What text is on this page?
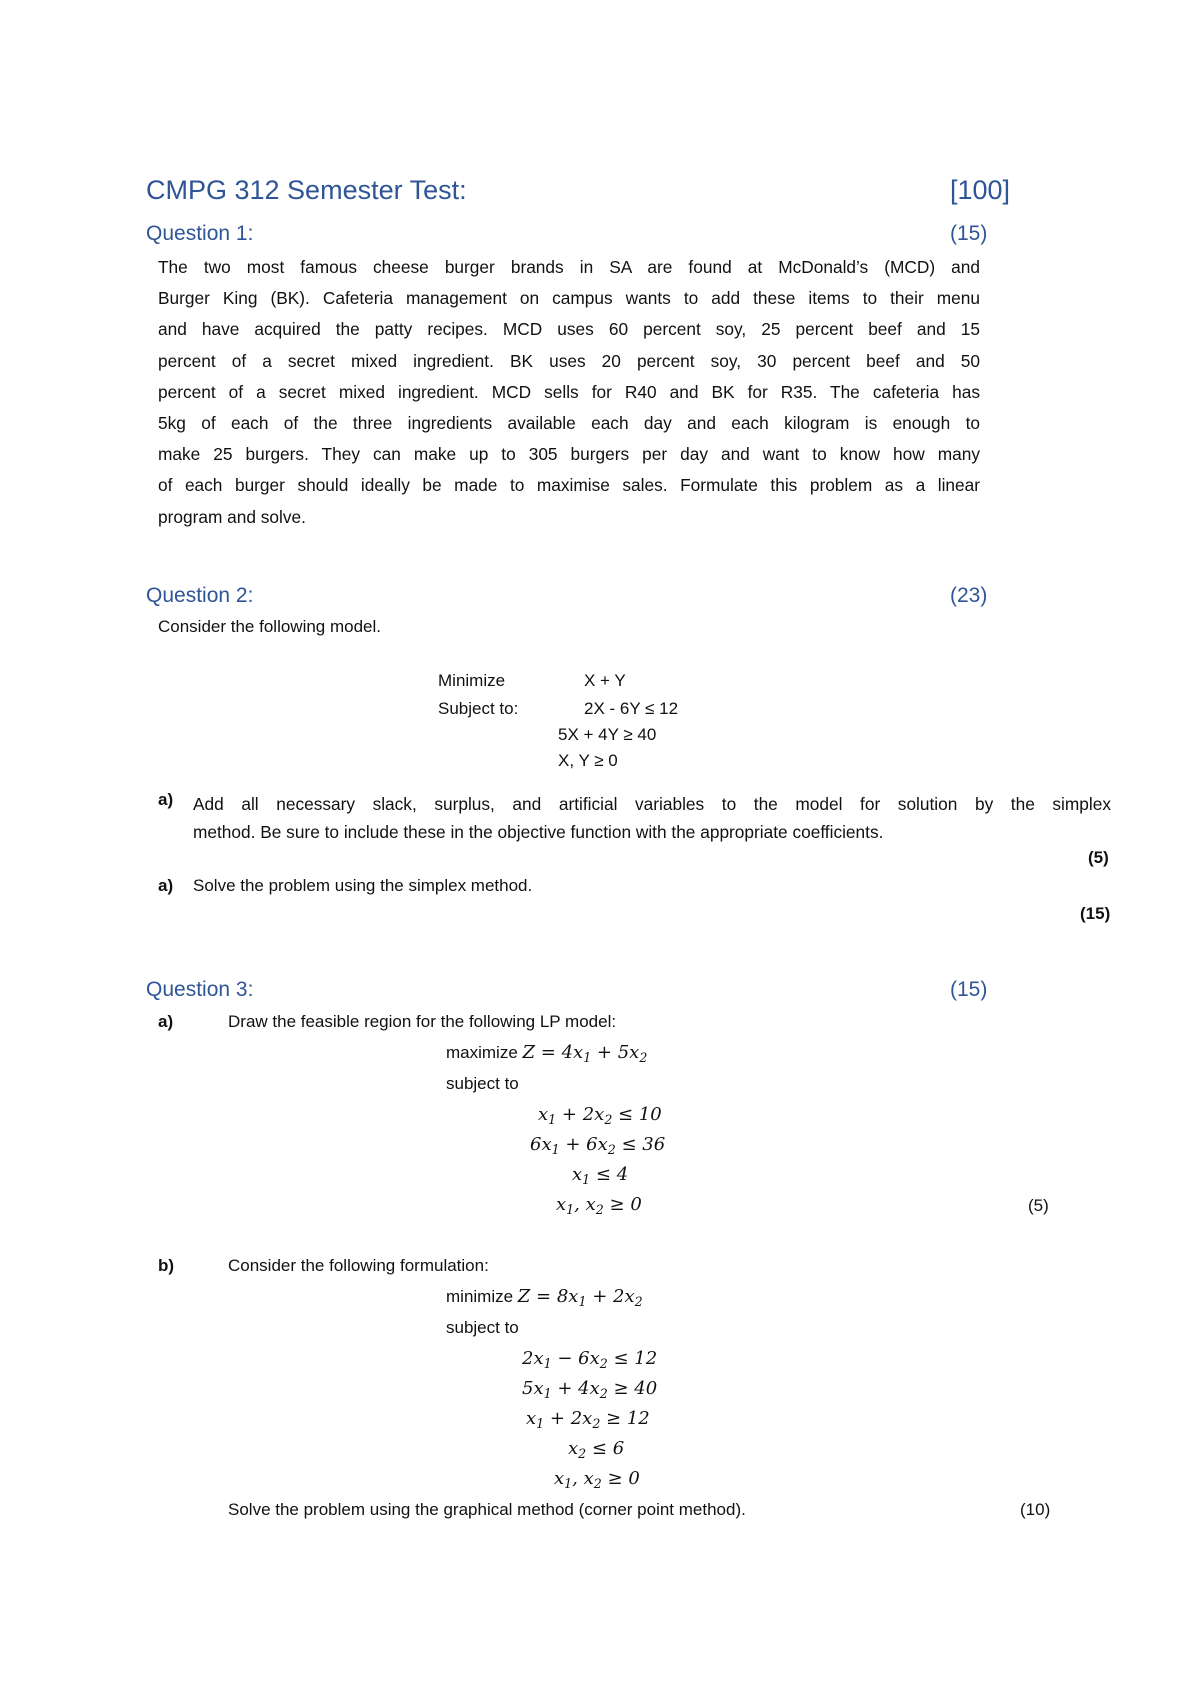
CMPG 312 Semester Test:	[100]
Question 1:	(15)
The two most famous cheese burger brands in SA are found at McDonald’s (MCD) and
Burger King (BK). Cafeteria management on campus wants to add these items to their menu
and have acquired the patty recipes. MCD uses 60 percent soy, 25 percent beef and 15
percent of a secret mixed ingredient. BK uses 20 percent soy, 30 percent beef and 50
percent of a secret mixed ingredient. MCD sells for R40 and BK for R35. The cafeteria has
5kg of each of the three ingredients available each day and each kilogram is enough to
make 25 burgers. They can make up to 305 burgers per day and want to know how many
of each burger should ideally be made to maximise sales. Formulate this problem as a linear
program and solve.
Question 2:	(23)
Consider the following model.
Minimize	X + Y
Subject to:	2X - 6Y ≤ 12
5X + 4Y ≥ 40
X, Y ≥ 0
a) Add all necessary slack, surplus, and artificial variables to the model for solution by the simplex
method. Be sure to include these in the objective function with the appropriate coefficients.
(5)
a) Solve the problem using the simplex method.
(15)
Question 3:	(15)
a)	Draw the feasible region for the following LP model:
maximize $Z = 4x_1 + 5x_2$
subject to
$x_1 + 2x_2 \le 10$
$6x_1 + 6x_2 \le 36$
$x_1 \le 4$
$x_1$, $x_2 \ge 0$	(5)
b)	Consider the following formulation:
minimize $Z = 8x_1 + 2x_2$
subject to
$2x_1 - 6x_2 \le 12$
$5x_1 + 4x_2 \ge 40$
$x_1 + 2x_2 \ge 12$
$x_2 \le 6$
$x_1$, $x_2 \ge 0$
Solve the problem using the graphical method (corner point method).	(10)
